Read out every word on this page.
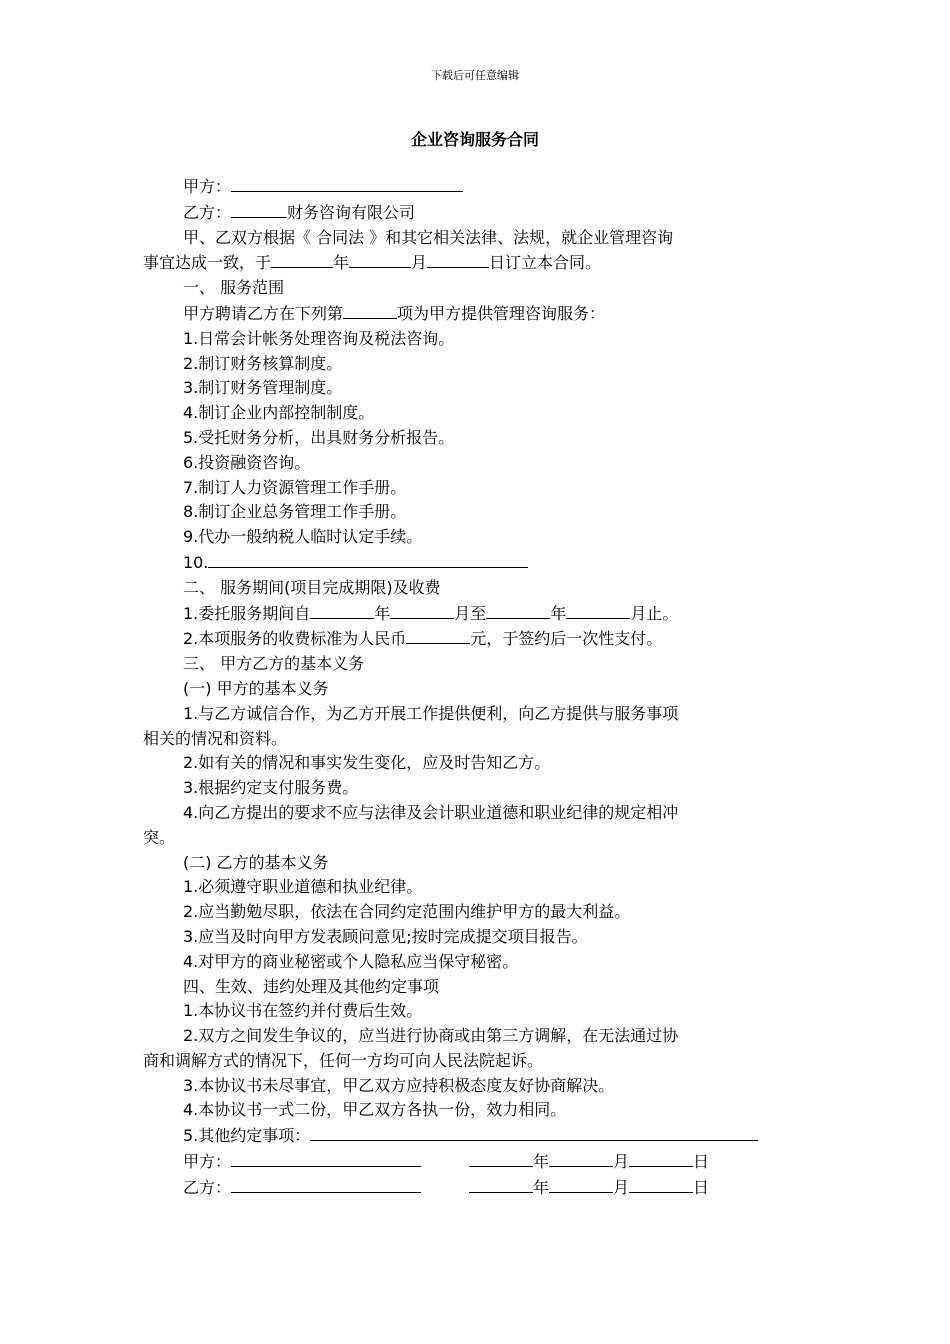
下载后可任意编辑
企业咨询服务合同

甲方：

乙方：	财务咨询有限公司

甲、乙双方根据《 合同法 》和其它相关法律、法规，就企业管理咨询

事宜达成一致，于	年	月	日订立本合同。

一、 服务范围

甲方聘请乙方在下列第	项为甲方提供管理咨询服务：

1.日常会计帐务处理咨询及税法咨询。

2.制订财务核算制度。

3.制订财务管理制度。

4.制订企业内部控制制度。

5.受托财务分析，出具财务分析报告。

6.投资融资咨询。

7.制订人力资源管理工作手册。

8.制订企业总务管理工作手册。

9.代办一般纳税人临时认定手续。

10.

二、 服务期间(项目完成期限)及收费

1.委托服务期间自	年	月至	年	月止。

2.本项服务的收费标准为人民币	元，于签约后一次性支付。

三、 甲方乙方的基本义务

(一) 甲方的基本义务

1.与乙方诚信合作，为乙方开展工作提供便利，向乙方提供与服务事项

相关的情况和资料。

2.如有关的情况和事实发生变化，应及时告知乙方。

3.根据约定支付服务费。

4.向乙方提出的要求不应与法律及会计职业道德和职业纪律的规定相冲

突。

(二) 乙方的基本义务

1.必须遵守职业道德和执业纪律。

2.应当勤勉尽职，依法在合同约定范围内维护甲方的最大利益。

3.应当及时向甲方发表顾问意见;按时完成提交项目报告。

4.对甲方的商业秘密或个人隐私应当保守秘密。

四、生效、违约处理及其他约定事项

1.本协议书在签约并付费后生效。

2.双方之间发生争议的，应当进行协商或由第三方调解，在无法通过协

商和调解方式的情况下，任何一方均可向人民法院起诉。

3.本协议书未尽事宜，甲乙双方应持积极态度友好协商解决。

4.本协议书一式二份，甲乙双方各执一份，效力相同。

5.其他约定事项：

甲方：	年	月	日
乙方：	年	月	日
